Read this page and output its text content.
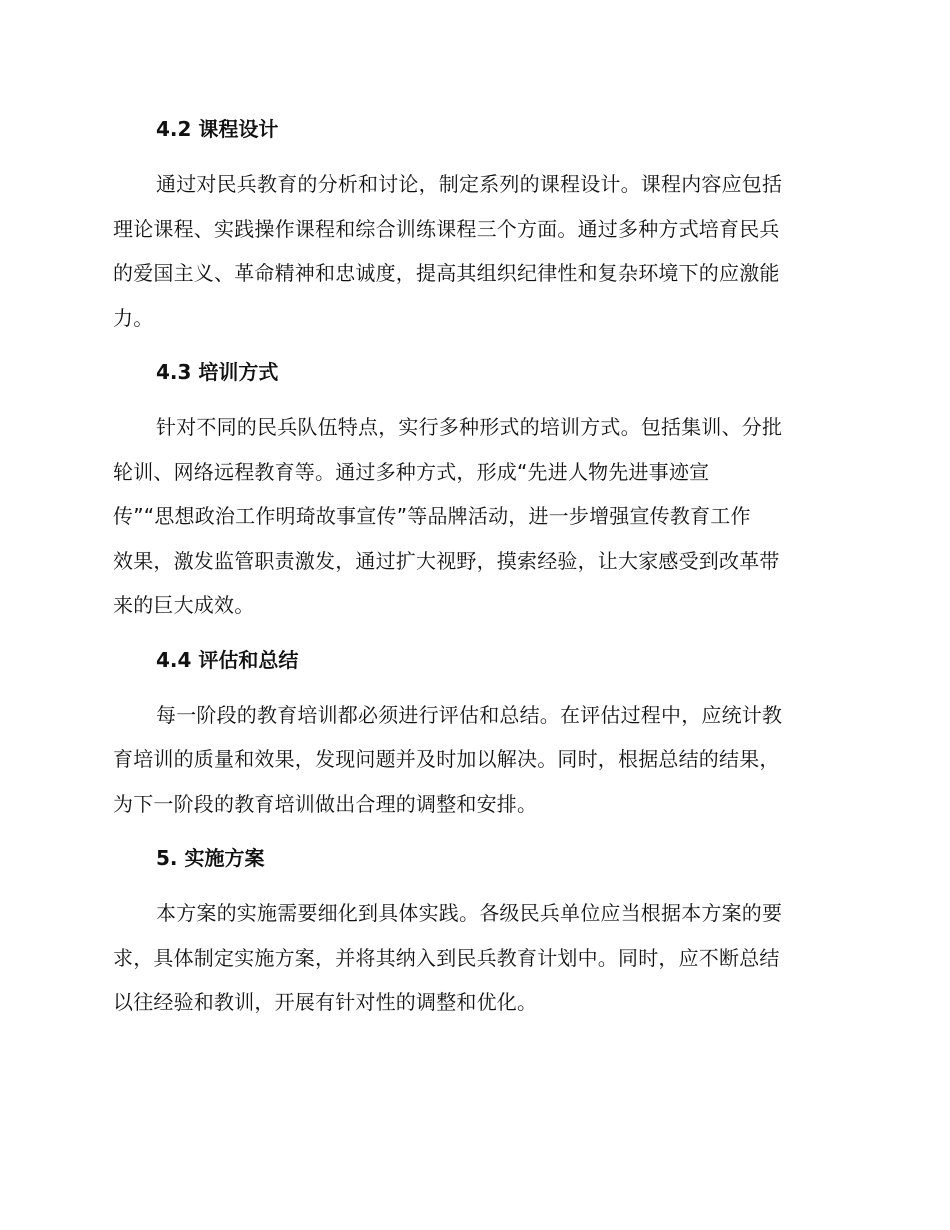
4.2 课程设计

通过对民兵教育的分析和讨论，制定系列的课程设计。课程内容应包括
理论课程、实践操作课程和综合训练课程三个方面。通过多种方式培育民兵
的爱国主义、革命精神和忠诚度，提高其组织纪律性和复杂环境下的应激能
力。

4.3 培训方式

针对不同的民兵队伍特点，实行多种形式的培训方式。包括集训、分批
轮训、网络远程教育等。通过多种方式，形成“先进人物先进事迹宣
传”“思想政治工作明琦故事宣传”等品牌活动，进一步增强宣传教育工作
效果，激发监管职责激发，通过扩大视野，摸索经验，让大家感受到改革带
来的巨大成效。

4.4 评估和总结

每一阶段的教育培训都必须进行评估和总结。在评估过程中，应统计教
育培训的质量和效果，发现问题并及时加以解决。同时，根据总结的结果，
为下一阶段的教育培训做出合理的调整和安排。

5. 实施方案

本方案的实施需要细化到具体实践。各级民兵单位应当根据本方案的要
求，具体制定实施方案，并将其纳入到民兵教育计划中。同时，应不断总结
以往经验和教训，开展有针对性的调整和优化。
